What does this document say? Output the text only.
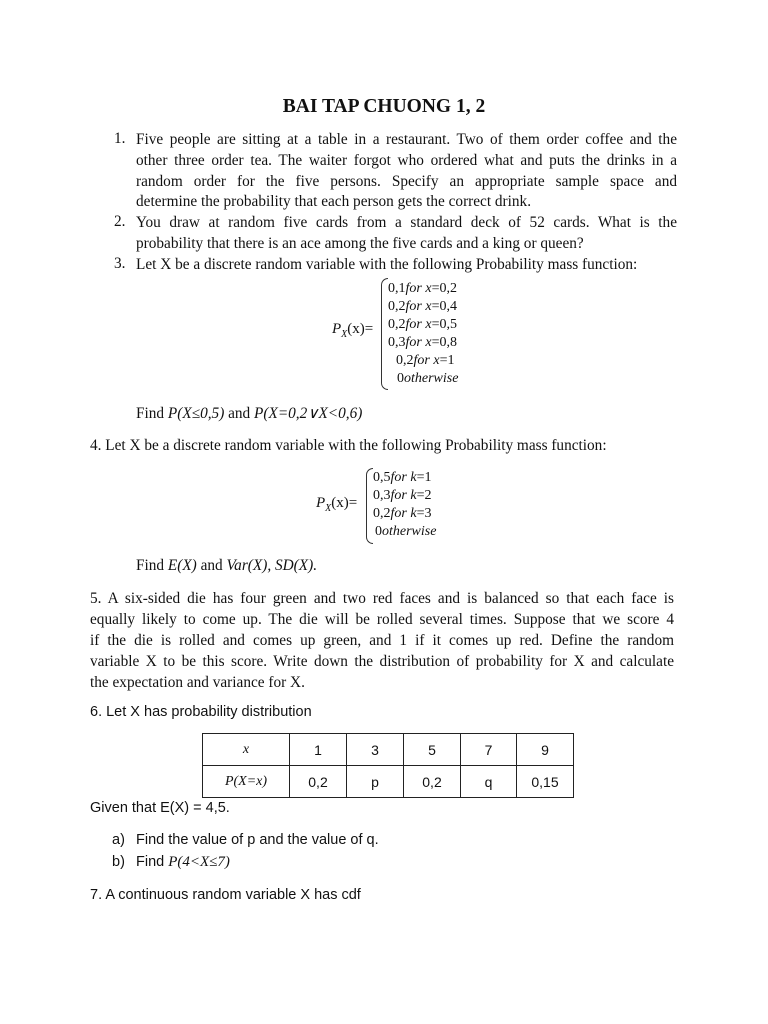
BAI TAP CHUONG 1, 2
1. Five people are sitting at a table in a restaurant. Two of them order coffee and the
other three order tea. The waiter forgot who ordered what and puts the drinks in a
random order for the five persons. Specify an appropriate sample space and
determine the probability that each person gets the correct drink.
2. You draw at random five cards from a standard deck of 52 cards. What is the
probability that there is an ace among the five cards and a king or queen?
3. Let X be a discrete random variable with the following Probability mass function:
$P_X(x)=$
0,1for x=0,2
0,2for x=0,4
0,2for x=0,5
0,3for x=0,8
0,2for x=1
0otherwise
Find P(X≤0,5) and P(X=0,2∨X<0,6)
4. Let X be a discrete random variable with the following Probability mass function:
$P_X(x)=$
0,5for k=1
0,3for k=2
0,2for k=3
0otherwise
Find E(X) and Var(X), SD(X).
5. A six-sided die has four green and two red faces and is balanced so that each face is
equally likely to come up. The die will be rolled several times. Suppose that we score 4
if the die is rolled and comes up green, and 1 if it comes up red. Define the random
variable X to be this score. Write down the distribution of probability for X and calculate
the expectation and variance for X.
6. Let X has probability distribution
x	1	3	5	7	9
P(X=x)	0,2	p	0,2	q	0,15
Given that E(X) = 4,5.
a) Find the value of p and the value of q.
b) Find P(4<X≤7)
7. A continuous random variable X has cdf
